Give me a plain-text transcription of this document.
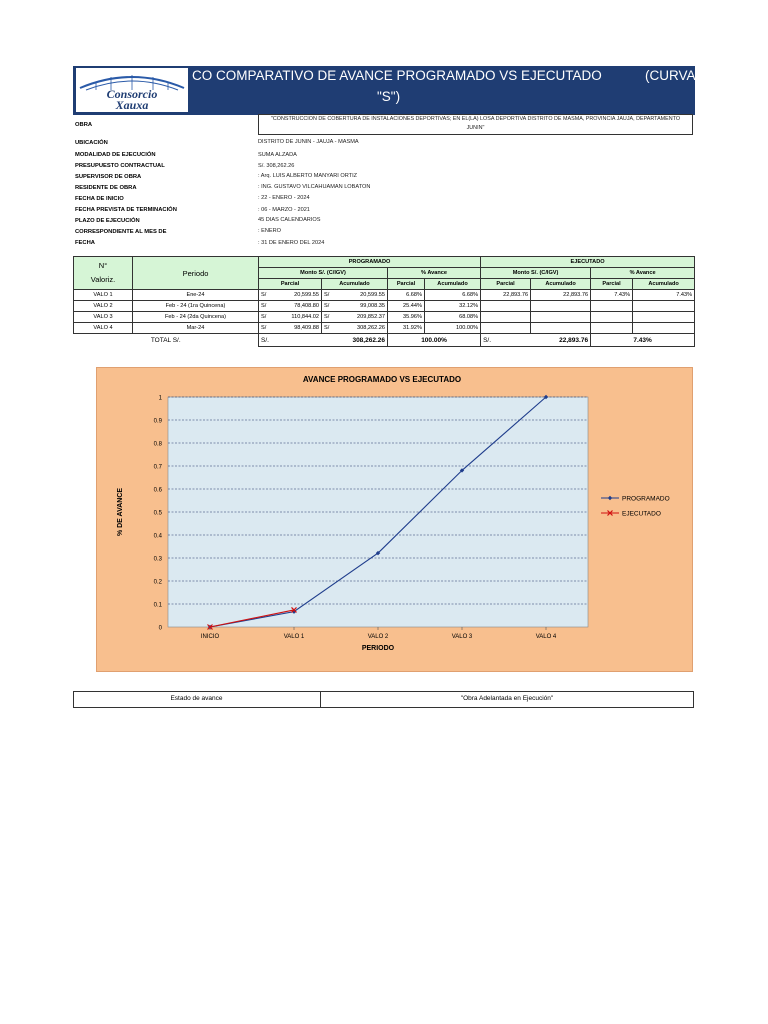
Consorcio
Xauxa
CO COMPARATIVO DE AVANCE PROGRAMADO VS EJECUTADO	(CURVA
"S")
OBRA
"CONSTRUCCION DE COBERTURA DE INSTALACIONES DEPORTIVAS; EN EL(LA) LOSA DEPORTIVA DISTRITO DE MASMA, PROVINCIA JAUJA, DEPARTAMENTO JUNIN"
UBICACIÓN	DISTRITO DE JUNIN - JAUJA - MASMA
MODALIDAD DE EJECUCIÓN	SUMA ALZADA
PRESUPUESTO CONTRACTUAL	S/. 308,262.26
SUPERVISOR DE OBRA	: Arq. LUIS ALBERTO MANYARI ORTIZ
RESIDENTE DE OBRA	: ING. GUSTAVO VILCAHUAMAN LOBATON
FECHA DE INICIO	: 22 - ENERO - 2024
FECHA PREVISTA DE TERMINACIÓN	: 06 - MARZO - 2021
PLAZO DE EJECUCIÓN	45 DIAS CALENDARIOS
CORRESPONDIENTE AL MES DE	: ENERO
FECHA	: 31 DE ENERO DEL 2024
N°
Valoriz.	Periodo	PROGRAMADO						EJECUTADO			
		Monto S/. (C/IGV)				% Avance		Monto S/. (C/IGV)		% Avance	
		Parcial		Acumulado		Parcial	Acumulado	Parcial	Acumulado	Parcial	Acumulado
VALO 1	Ene-24	S/	20,599.55	S/	20,599.55	6.68%	6.68%	22,893.76	22,893.76	7.43%	7.43%
VALO 2	Feb - 24 (1ra Quincena)	S/	78,408.80	S/	99,008.35	25.44%	32.12%				
VALO 3	Feb - 24 (2da Quincena)	S/	110,844.02	S/	209,852.37	35.96%	68.08%				
VALO 4	Mar-24	S/	98,409.88	S/	308,262.26	31.92%	100.00%				
TOTAL S/.		S/.		308,262.26		100.00%		S/.	22,893.76	7.43%	
AVANCE PROGRAMADO VS EJECUTADO
0
0.1
0.2
0.3
0.4
0.5
0.6
0.7
0.8
0.9
1
INICIO	VALO 1	VALO 2	VALO 3	VALO 4
% DE AVANCE
PERIODO
PROGRAMADO
EJECUTADO
Estado de avance	"Obra Adelantada en Ejecución"
